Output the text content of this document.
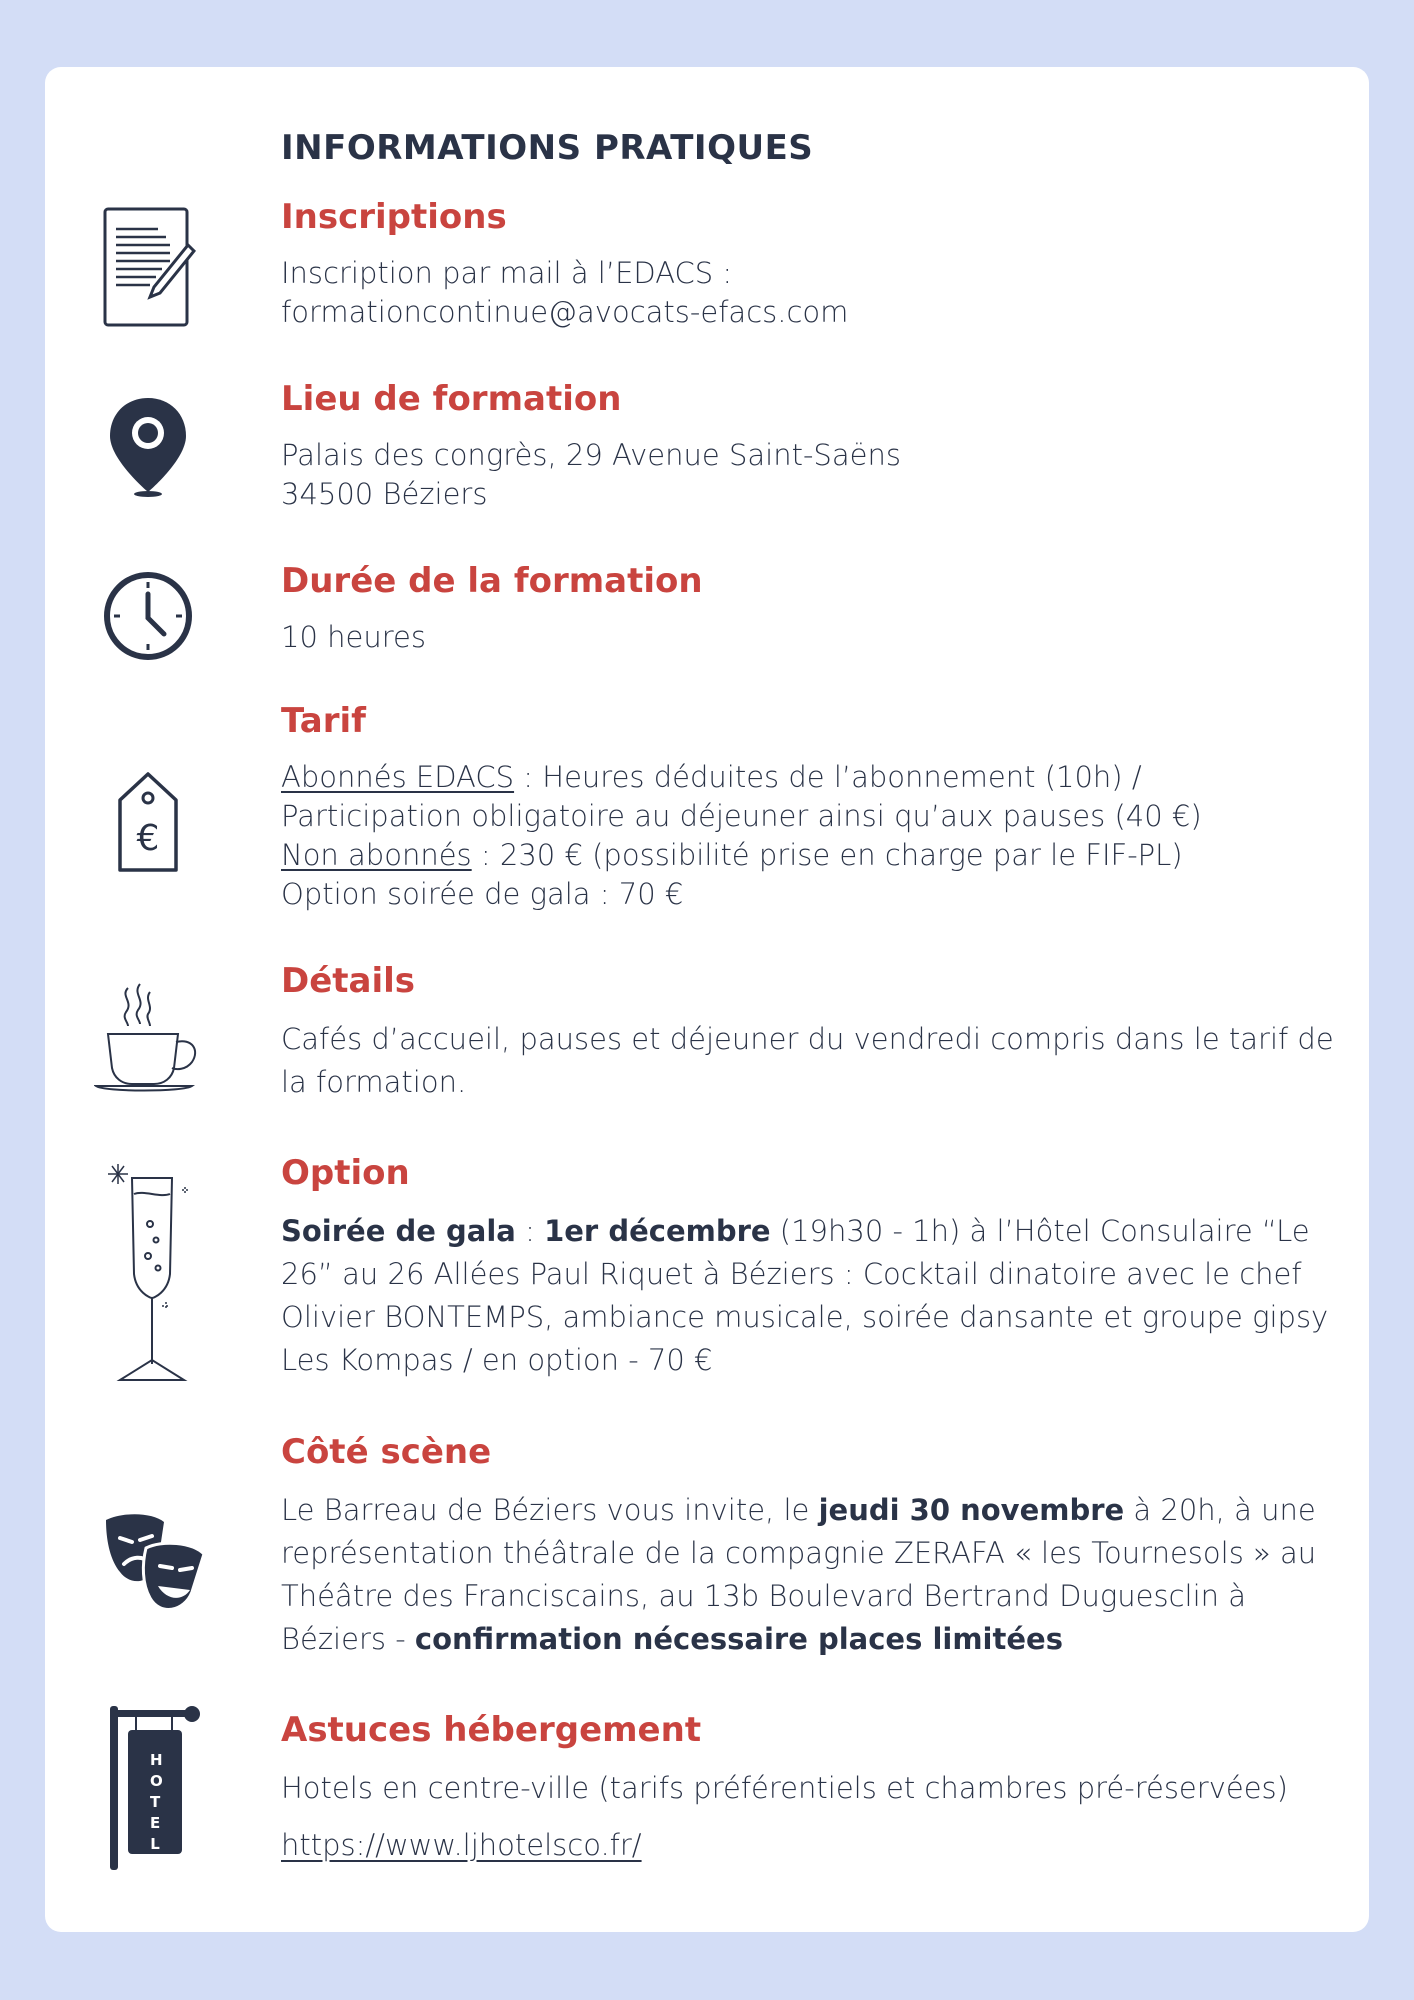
INFORMATIONS PRATIQUES
Inscriptions
Inscription par mail à l’EDACS :
formationcontinue@avocats-efacs.com
Lieu de formation
Palais des congrès, 29 Avenue Saint-Saëns
34500 Béziers
Durée de la formation
10 heures
€
Tarif
Abonnés EDACS : Heures déduites de l’abonnement (10h) /
Participation obligatoire au déjeuner ainsi qu’aux pauses (40 €)
Non abonnés : 230 € (possibilité prise en charge par le FIF-PL)
Option soirée de gala : 70 €
Détails
Cafés d’accueil, pauses et déjeuner du vendredi compris dans le tarif de la formation.
Option
Soirée de gala : 1er décembre (19h30 - 1h) à l’Hôtel Consulaire “Le 26” au 26 Allées Paul Riquet à Béziers : Cocktail dinatoire avec le chef Olivier BONTEMPS, ambiance musicale, soirée dansante et groupe gipsy Les Kompas / en option - 70 €
Côté scène
Le Barreau de Béziers vous invite, le jeudi 30 novembre à 20h, à une représentation théâtrale de la compagnie ZERAFA « les Tournesols » au Théâtre des Franciscains, au 13b Boulevard Bertrand Duguesclin à Béziers - confirmation nécessaire places limitées
HOTEL
Astuces hébergement
Hotels en centre-ville (tarifs préférentiels et chambres pré-réservées)
https://www.ljhotelsco.fr/
